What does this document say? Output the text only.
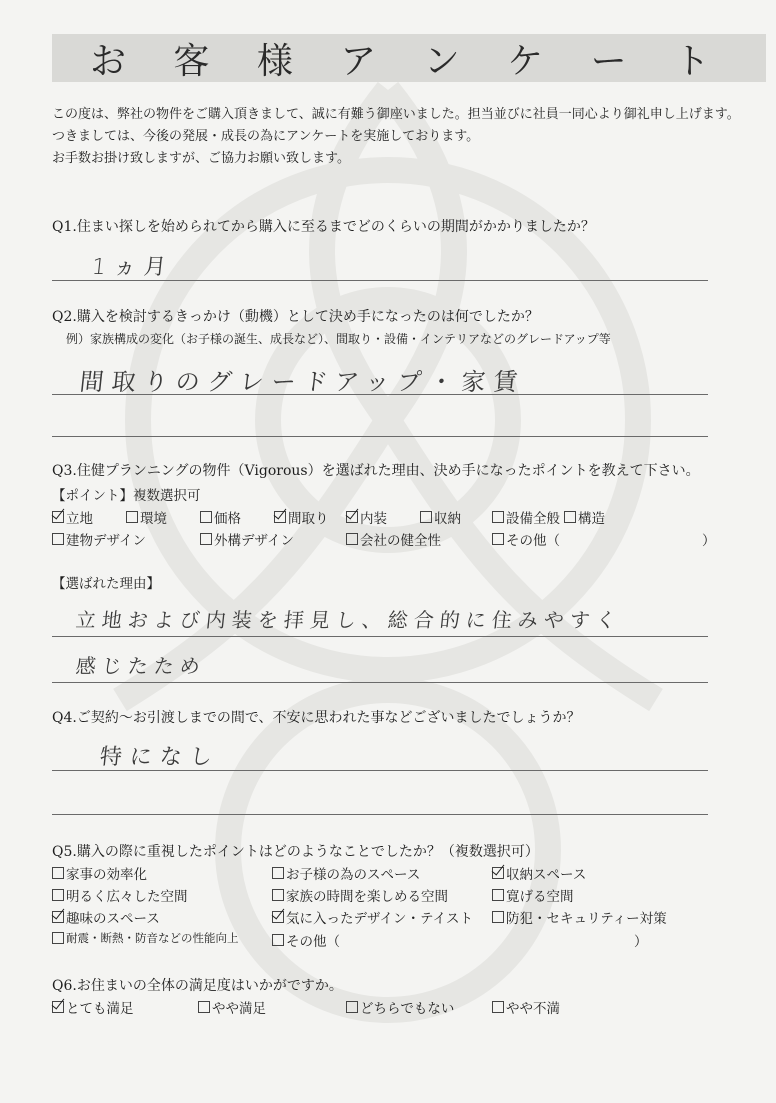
お 客 様 ア ン ケ ー ト
この度は、弊社の物件をご購入頂きまして、誠に有難う御座いました。担当並びに社員一同心より御礼申し上げます。
つきましては、今後の発展・成長の為にアンケートを実施しております。
お手数お掛け致しますが、ご協力お願い致します。
Q1.住まい探しを始められてから購入に至るまでどのくらいの期間がかかりましたか？
1ヵ月
Q2.購入を検討するきっかけ（動機）として決め手になったのは何でしたか？
例）家族構成の変化（お子様の誕生、成長など）、間取り・設備・インテリアなどのグレードアップ等
間取りのグレードアップ・家賃
Q3.住健プランニングの物件（Vigorous）を選ばれた理由、決め手になったポイントを教えて下さい。
【ポイント】複数選択可
立地	環境	価格	間取り 内装	収納	設備全般 構造
建物デザイン	外構デザイン	会社の健全性	その他（	）
【選ばれた理由】
立地および内装を拝見し、総合的に住みやすく
感じたため
Q4.ご契約〜お引渡しまでの間で、不安に思われた事などございましたでしょうか？
特になし
Q5.購入の際に重視したポイントはどのようなことでしたか？（複数選択可）
家事の効率化	お子様の為のスペース	収納スペース
明るく広々した空間	家族の時間を楽しめる空間	寛げる空間
趣味のスペース	気に入ったデザイン・テイスト 防犯・セキュリティー対策
耐震・断熱・防音などの性能向上	その他（	）
Q6.お住まいの全体の満足度はいかがですか。
とても満足	やや満足	どちらでもない	やや不満
